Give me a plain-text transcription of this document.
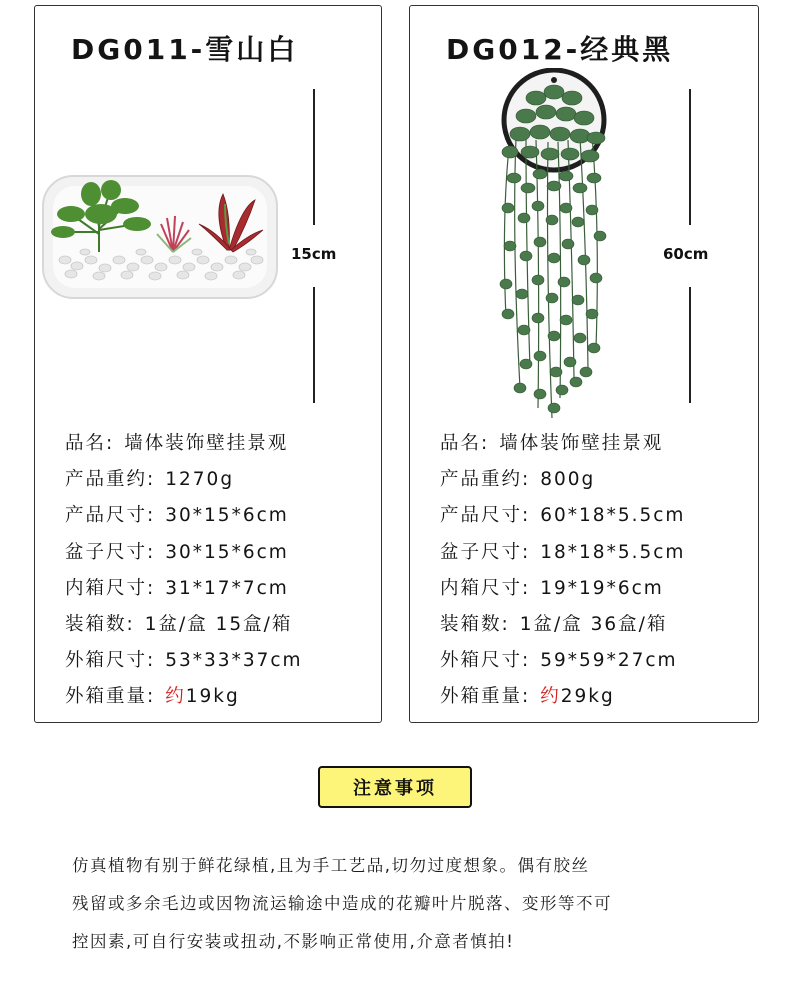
DG011-雪山白
15cm
品名: 墙体装饰壁挂景观
产品重约: 1270g
产品尺寸: 30*15*6cm
盆子尺寸: 30*15*6cm
内箱尺寸: 31*17*7cm
装箱数: 1盆/盒 15盒/箱
外箱尺寸: 53*33*37cm
外箱重量: 约19kg
DG012-经典黑
60cm
品名: 墙体装饰壁挂景观
产品重约: 800g
产品尺寸: 60*18*5.5cm
盆子尺寸: 18*18*5.5cm
内箱尺寸: 19*19*6cm
装箱数: 1盆/盒 36盒/箱
外箱尺寸: 59*59*27cm
外箱重量: 约29kg
注意事项
仿真植物有别于鲜花绿植,且为手工艺品,切勿过度想象。偶有胶丝
残留或多余毛边或因物流运输途中造成的花瓣叶片脱落、变形等不可
控因素,可自行安装或扭动,不影响正常使用,介意者慎拍!
